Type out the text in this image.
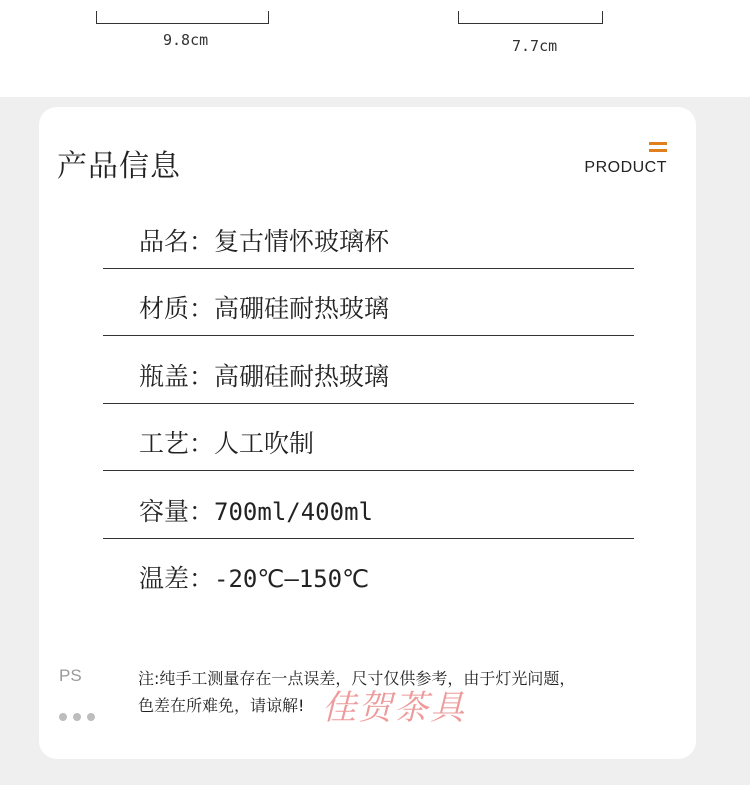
9.8cm	7.7cm
产品信息	PRODUCT
品名：复古情怀玻璃杯
材质：高硼硅耐热玻璃
瓶盖：高硼硅耐热玻璃
工艺：人工吹制
容量：700ml/400ml
温差：-20℃—150℃
PS	注:纯手工测量存在一点误差，尺寸仅供参考，由于灯光问题，
色差在所难免，请谅解! 佳贺茶具
